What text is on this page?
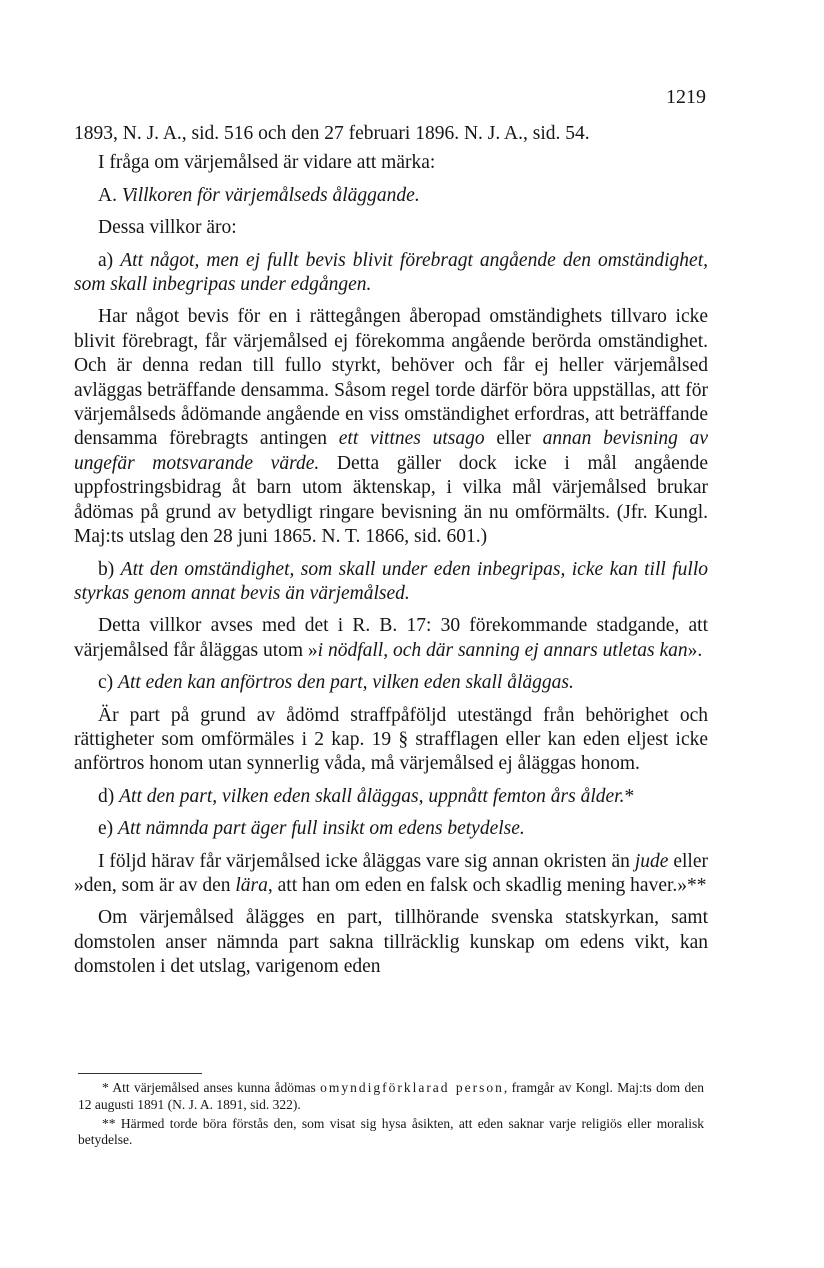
1219

1893, N. J. A., sid. 516 och den 27 februari 1896. N. J. A., sid. 54.

I fråga om värjemålsed är vidare att märka:

A. Villkoren för värjemålseds åläggande.

Dessa villkor äro:

a) Att något, men ej fullt bevis blivit förebragt angående den omständighet, som skall inbegripas under edgången.

Har något bevis för en i rättegången åberopad omständighets tillvaro icke blivit förebragt, får värjemålsed ej förekomma angående berörda omständighet. Och är denna redan till fullo styrkt, behöver och får ej heller värjemålsed avläggas beträffande densamma. Såsom regel torde därför böra uppställas, att för värjemålseds ådömande angående en viss omständighet erfordras, att beträffande densamma förebragts antingen ett vittnes utsago eller annan bevisning av ungefär motsvarande värde. Detta gäller dock icke i mål angående uppfostringsbidrag åt barn utom äktenskap, i vilka mål värjemålsed brukar ådömas på grund av betydligt ringare bevisning än nu omförmälts. (Jfr. Kungl. Maj:ts utslag den 28 juni 1865. N. T. 1866, sid. 601.)

b) Att den omständighet, som skall under eden inbegripas, icke kan till fullo styrkas genom annat bevis än värjemålsed.

Detta villkor avses med det i R. B. 17: 30 förekommande stadgande, att värjemålsed får åläggas utom »i nödfall, och där sanning ej annars utletas kan».

c) Att eden kan anförtros den part, vilken eden skall åläggas.

Är part på grund av ådömd straffpåföljd utestängd från behörighet och rättigheter som omförmäles i 2 kap. 19 § strafflagen eller kan eden eljest icke anförtros honom utan synnerlig våda, må värjemålsed ej åläggas honom.

d) Att den part, vilken eden skall åläggas, uppnått femton års ålder.*

e) Att nämnda part äger full insikt om edens betydelse.

I följd härav får värjemålsed icke åläggas vare sig annan okristen än jude eller »den, som är av den lära, att han om eden en falsk och skadlig mening haver.»**

Om värjemålsed ålägges en part, tillhörande svenska statskyrkan, samt domstolen anser nämnda part sakna tillräcklig kunskap om edens vikt, kan domstolen i det utslag, varigenom eden

* Att värjemålsed anses kunna ådömas omyndigförklarad person, framgår av Kongl. Maj:ts dom den 12 augusti 1891 (N. J. A. 1891, sid. 322).

** Härmed torde böra förstås den, som visat sig hysa åsikten, att eden saknar varje religiös eller moralisk betydelse.
